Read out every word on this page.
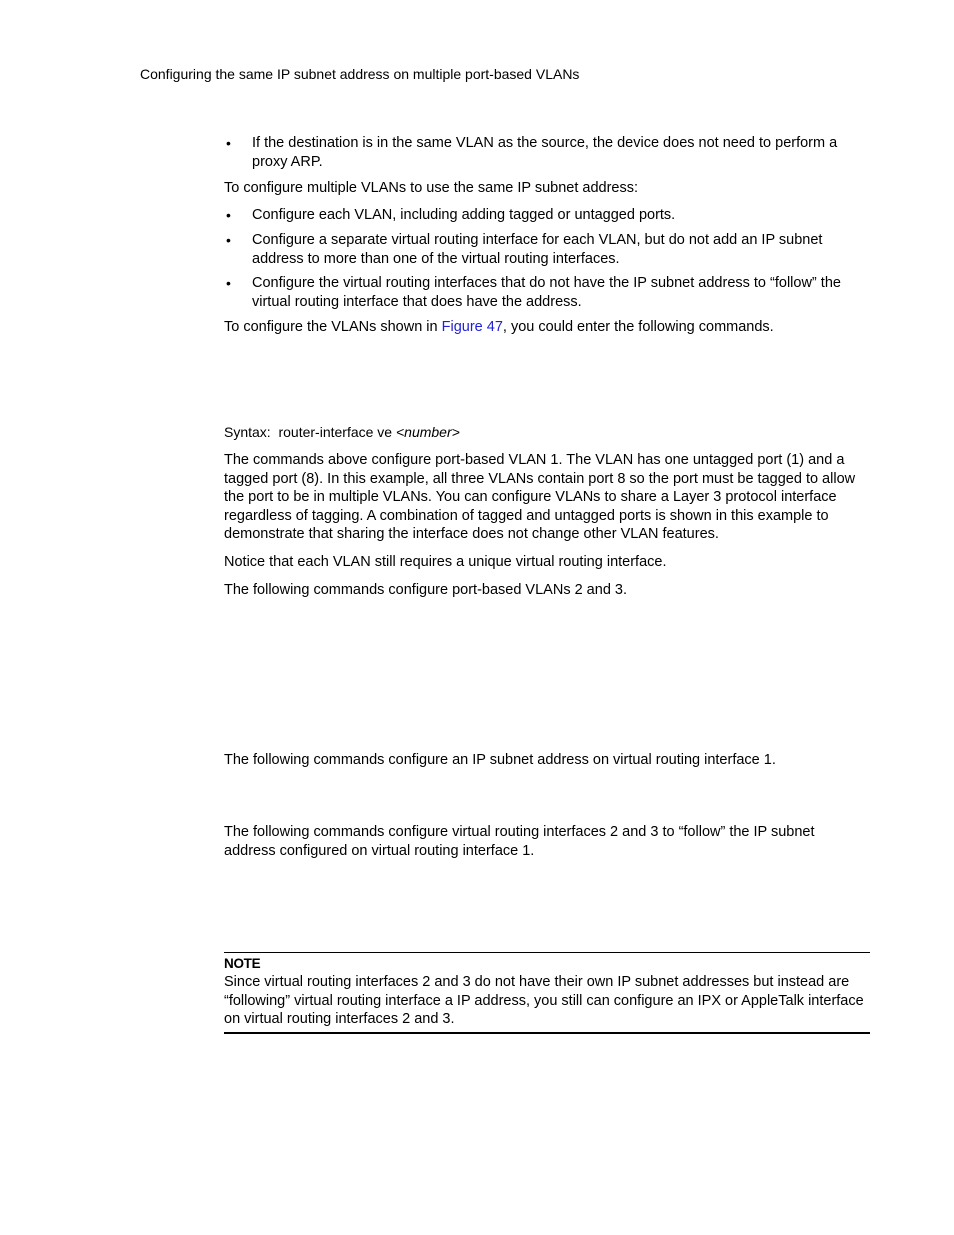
Configuring the same IP subnet address on multiple port-based VLANs
• If the destination is in the same VLAN as the source, the device does not need to perform a proxy ARP.
To configure multiple VLANs to use the same IP subnet address:
• Configure each VLAN, including adding tagged or untagged ports.
• Configure a separate virtual routing interface for each VLAN, but do not add an IP subnet address to more than one of the virtual routing interfaces.
• Configure the virtual routing interfaces that do not have the IP subnet address to “follow” the virtual routing interface that does have the address.
To configure the VLANs shown in Figure 47, you could enter the following commands.
Syntax: router-interface ve <number>
The commands above configure port-based VLAN 1. The VLAN has one untagged port (1) and a tagged port (8). In this example, all three VLANs contain port 8 so the port must be tagged to allow the port to be in multiple VLANs. You can configure VLANs to share a Layer 3 protocol interface regardless of tagging. A combination of tagged and untagged ports is shown in this example to demonstrate that sharing the interface does not change other VLAN features.
Notice that each VLAN still requires a unique virtual routing interface.
The following commands configure port-based VLANs 2 and 3.
The following commands configure an IP subnet address on virtual routing interface 1.
The following commands configure virtual routing interfaces 2 and 3 to “follow” the IP subnet address configured on virtual routing interface 1.
NOTE
Since virtual routing interfaces 2 and 3 do not have their own IP subnet addresses but instead are “following” virtual routing interface a IP address, you still can configure an IPX or AppleTalk interface on virtual routing interfaces 2 and 3.
